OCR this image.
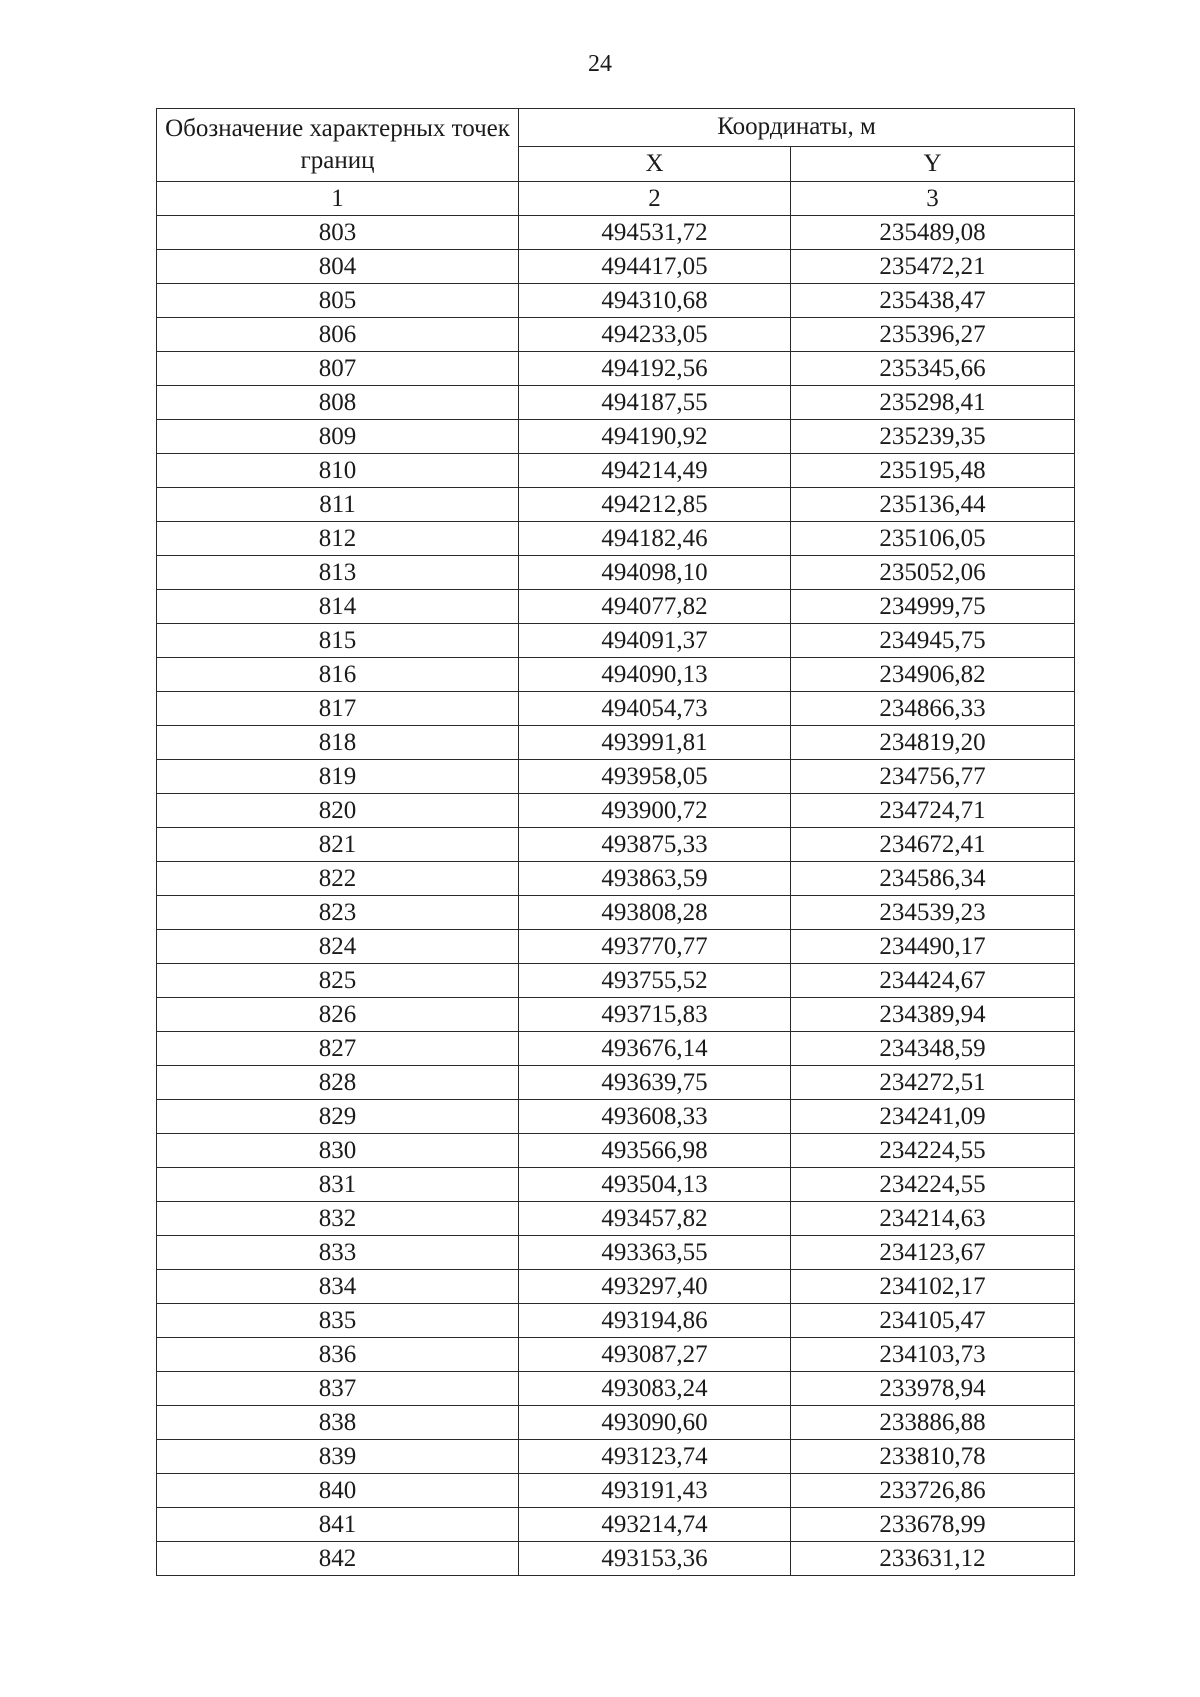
24
Обозначение характерных точек границ	Координаты, м	
	X	Y
1	2	3
803	494531,72	235489,08
804	494417,05	235472,21
805	494310,68	235438,47
806	494233,05	235396,27
807	494192,56	235345,66
808	494187,55	235298,41
809	494190,92	235239,35
810	494214,49	235195,48
811	494212,85	235136,44
812	494182,46	235106,05
813	494098,10	235052,06
814	494077,82	234999,75
815	494091,37	234945,75
816	494090,13	234906,82
817	494054,73	234866,33
818	493991,81	234819,20
819	493958,05	234756,77
820	493900,72	234724,71
821	493875,33	234672,41
822	493863,59	234586,34
823	493808,28	234539,23
824	493770,77	234490,17
825	493755,52	234424,67
826	493715,83	234389,94
827	493676,14	234348,59
828	493639,75	234272,51
829	493608,33	234241,09
830	493566,98	234224,55
831	493504,13	234224,55
832	493457,82	234214,63
833	493363,55	234123,67
834	493297,40	234102,17
835	493194,86	234105,47
836	493087,27	234103,73
837	493083,24	233978,94
838	493090,60	233886,88
839	493123,74	233810,78
840	493191,43	233726,86
841	493214,74	233678,99
842	493153,36	233631,12
